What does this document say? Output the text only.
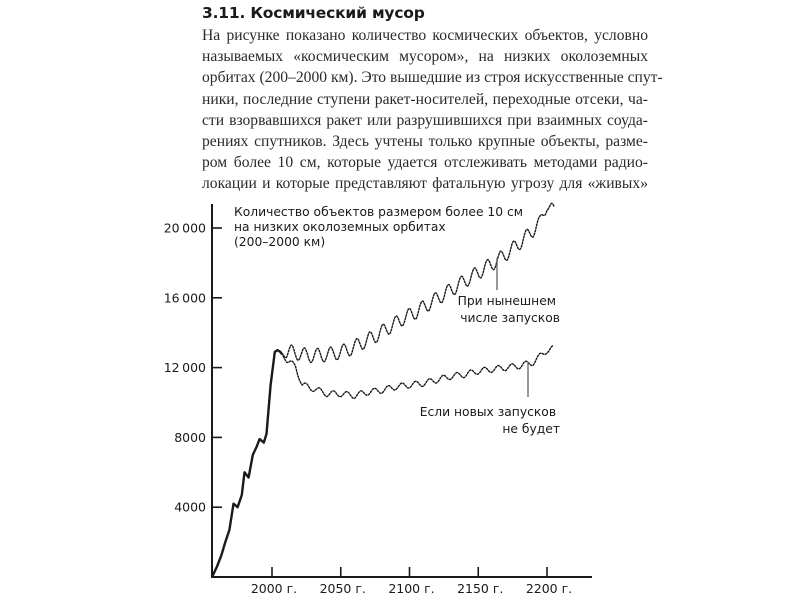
3.11. Космический мусор
На рисунке показано количество космических объектов, условно
называемых «космическим мусором», на низких околоземных
орбитах (200–2000 км). Это вышедшие из строя искусственные спут-
ники, последние ступени ракет-носителей, переходные отсеки, ча-
сти взорвавшихся ракет или разрушившихся при взаимных соуда-
рениях спутников. Здесь учтены только крупные объекты, разме-
ром более 10 см, которые удается отслеживать методами радио-
локации и которые представляют фатальную угрозу для «живых»
4000
8000
12 000
16 000
20 000
2000 г. 2050 г. 2100 г. 2150 г. 2200 г.
Количество объектов размером более 10 см на низких околоземных орбитах (200–2000 км)
При нынешнем числе запусков
Если новых запусков не будет
